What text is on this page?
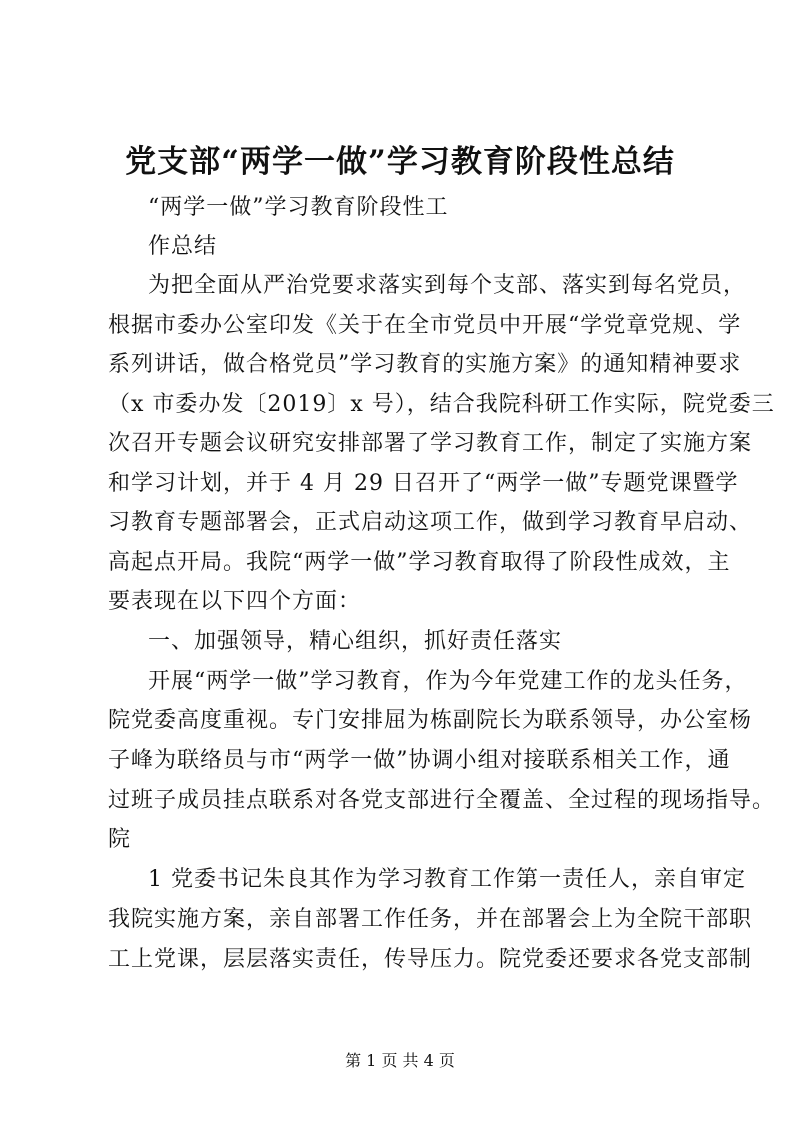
党支部“两学一做”学习教育阶段性总结
“两学一做”学习教育阶段性工
作总结
为把全面从严治党要求落实到每个支部、落实到每名党员，
根据市委办公室印发《关于在全市党员中开展“学党章党规、学
系列讲话，做合格党员”学习教育的实施方案》的通知精神要求
（x 市委办发〔2019〕x 号），结合我院科研工作实际，院党委三
次召开专题会议研究安排部署了学习教育工作，制定了实施方案
和学习计划，并于 4 月 29 日召开了“两学一做”专题党课暨学
习教育专题部署会，正式启动这项工作，做到学习教育早启动、
高起点开局。我院“两学一做”学习教育取得了阶段性成效，主
要表现在以下四个方面：
一、加强领导，精心组织，抓好责任落实
开展“两学一做”学习教育，作为今年党建工作的龙头任务，
院党委高度重视。专门安排屈为栋副院长为联系领导，办公室杨
子峰为联络员与市“两学一做”协调小组对接联系相关工作，通
过班子成员挂点联系对各党支部进行全覆盖、全过程的现场指导。
院
1 党委书记朱良其作为学习教育工作第一责任人，亲自审定
我院实施方案，亲自部署工作任务，并在部署会上为全院干部职
工上党课，层层落实责任，传导压力。院党委还要求各党支部制
第 1 页 共 4 页
